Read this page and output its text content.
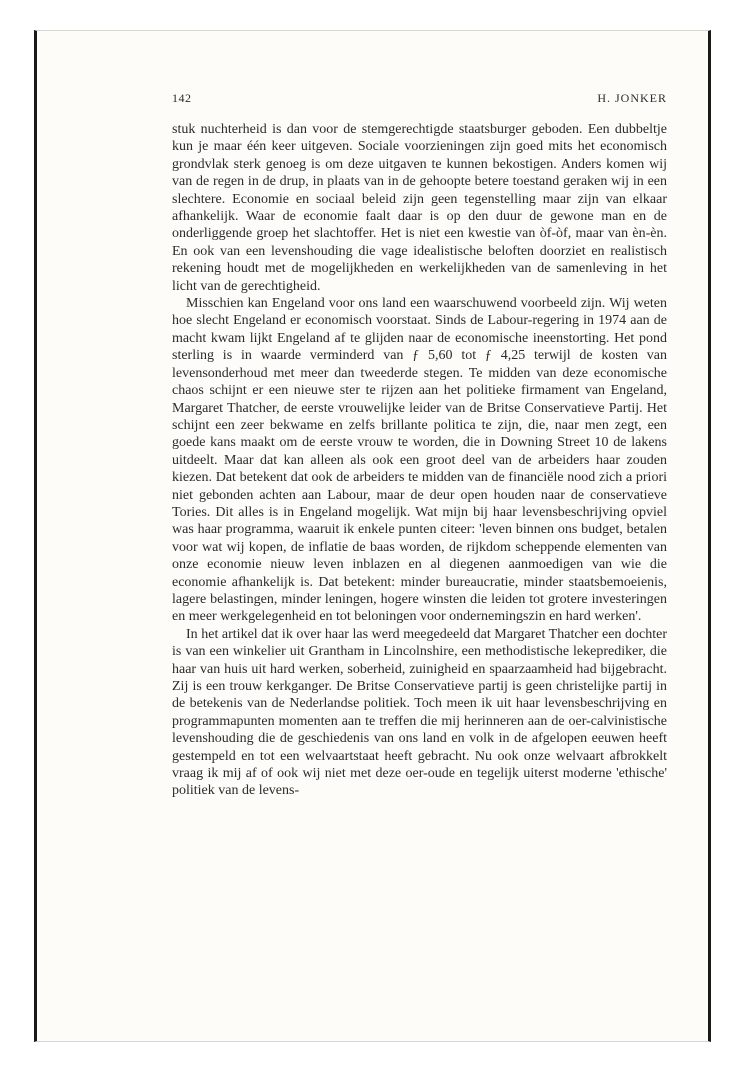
142	H. JONKER

stuk nuchterheid is dan voor de stemgerechtigde staatsburger geboden. Een dubbeltje kun je maar één keer uitgeven. Sociale voorzieningen zijn goed mits het economisch grondvlak sterk genoeg is om deze uitgaven te kunnen bekostigen. Anders komen wij van de regen in de drup, in plaats van in de gehoopte betere toestand geraken wij in een slechtere. Economie en sociaal beleid zijn geen tegenstelling maar zijn van elkaar afhankelijk. Waar de economie faalt daar is op den duur de gewone man en de onderliggende groep het slachtoffer. Het is niet een kwestie van òf-òf, maar van èn-èn. En ook van een levenshouding die vage idealistische beloften doorziet en realistisch rekening houdt met de mogelijkheden en werkelijkheden van de samenleving in het licht van de gerechtigheid.

Misschien kan Engeland voor ons land een waarschuwend voorbeeld zijn. Wij weten hoe slecht Engeland er economisch voorstaat. Sinds de Labour-regering in 1974 aan de macht kwam lijkt Engeland af te glijden naar de economische ineenstorting. Het pond sterling is in waarde verminderd van ƒ 5,60 tot ƒ 4,25 terwijl de kosten van levensonderhoud met meer dan tweederde stegen. Te midden van deze economische chaos schijnt er een nieuwe ster te rijzen aan het politieke firmament van Engeland, Margaret Thatcher, de eerste vrouwelijke leider van de Britse Conservatieve Partij. Het schijnt een zeer bekwame en zelfs brillante politica te zijn, die, naar men zegt, een goede kans maakt om de eerste vrouw te worden, die in Downing Street 10 de lakens uitdeelt. Maar dat kan alleen als ook een groot deel van de arbeiders haar zouden kiezen. Dat betekent dat ook de arbeiders te midden van de financiële nood zich a priori niet gebonden achten aan Labour, maar de deur open houden naar de conservatieve Tories. Dit alles is in Engeland mogelijk. Wat mijn bij haar levensbeschrijving opviel was haar programma, waaruit ik enkele punten citeer: 'leven binnen ons budget, betalen voor wat wij kopen, de inflatie de baas worden, de rijkdom scheppende elementen van onze economie nieuw leven inblazen en al diegenen aanmoedigen van wie die economie afhankelijk is. Dat betekent: minder bureaucratie, minder staatsbemoeienis, lagere belastingen, minder leningen, hogere winsten die leiden tot grotere investeringen en meer werkgelegenheid en tot beloningen voor ondernemingszin en hard werken'.

In het artikel dat ik over haar las werd meegedeeld dat Margaret Thatcher een dochter is van een winkelier uit Grantham in Lincolnshire, een methodistische lekeprediker, die haar van huis uit hard werken, soberheid, zuinigheid en spaarzaamheid had bijgebracht. Zij is een trouw kerkganger. De Britse Conservatieve partij is geen christelijke partij in de betekenis van de Nederlandse politiek. Toch meen ik uit haar levensbeschrijving en programmapunten momenten aan te treffen die mij herinneren aan de oer-calvinistische levenshouding die de geschiedenis van ons land en volk in de afgelopen eeuwen heeft gestempeld en tot een welvaartstaat heeft gebracht. Nu ook onze welvaart afbrokkelt vraag ik mij af of ook wij niet met deze oer-oude en tegelijk uiterst moderne 'ethische' politiek van de levens-
